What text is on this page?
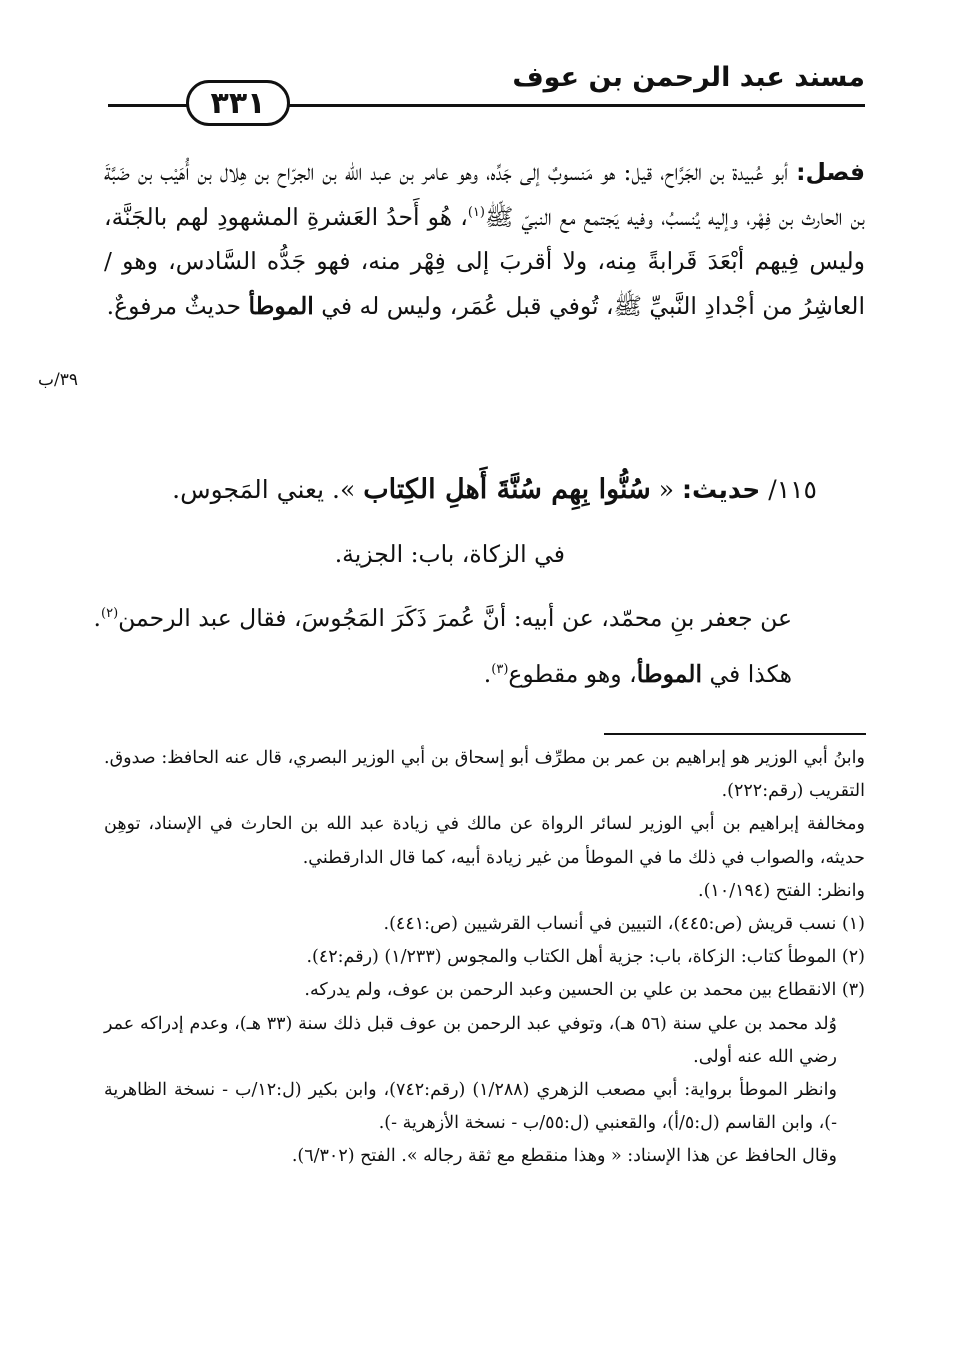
مسند عبد الرحمن بن عوف
٣٣١

فصل: أبو عُبيدة بن الجَرَّاح، قيل: هو مَنسوبٌ إلى جَدِّه، وهو عامر بن عبد الله بن الجرّاح بن هِلال بن أُهَيْب بن ضَبَّةَ بن الحارث بن فِهْر، وإليه يُنسبُ، وفيه يَجتمع مع النبيّ ﷺ$^{(١)}$، هُو أَحدُ العَشرةِ المشهودِ لهم بالجَنَّة، وليس فِيهم أبْعَدَ قَرابةً مِنه، ولا أقربَ إلى فِهْر منه، فهو جَدُّه السَّادس، وهو / العاشِرُ من أجْدادِ النَّبيِّ ﷺ، تُوفي قبل عُمَر، وليس له في الموطأ حديثٌ مرفوعٌ.

٣٩/ب
١١٥/ حديث: « سُنُّوا بِهِم سُنَّةَ أَهلِ الكِتاب ». يعني المَجوس.
في الزكاة، باب: الجزية.
عن جعفر بنِ محمّد، عن أبيه: أنَّ عُمرَ ذَكَرَ المَجُوسَ، فقال عبد الرحمن$^{(٢)}$.
هكذا في الموطأ، وهو مقطوع$^{(٣)}$.

وابنُ أبي الوزير هو إبراهيم بن عمر بن مطرِّف أبو إسحاق بن أبي الوزير البصري، قال عنه الحافظ: صدوق. التقريب (رقم:٢٢٢).

ومخالفة إبراهيم بن أبي الوزير لسائر الرواة عن مالك في زيادة عبد الله بن الحارث في الإسناد، توهِن حديثه، والصواب في ذلك ما في الموطأ من غير زيادة أبيه، كما قال الدارقطني.

وانظر: الفتح (١٠/١٩٤).

(١) نسب قريش (ص:٤٤٥)، التبيين في أنساب القرشيين (ص:٤٤١).

(٢) الموطأ كتاب: الزكاة، باب: جزية أهل الكتاب والمجوس (١/٢٣٣) (رقم:٤٢).

(٣) الانقطاع بين محمد بن علي بن الحسين وعبد الرحمن بن عوف، ولم يدركه.

وُلد محمد بن علي سنة (٥٦ هـ)، وتوفي عبد الرحمن بن عوف قبل ذلك سنة (٣٣ هـ)، وعدم إدراكه عمر رضي الله عنه أولى.

وانظر الموطأ برواية: أبي مصعب الزهري (١/٢٨٨) (رقم:٧٤٢)، وابن بكير (ل:١٢/ب - نسخة الظاهرية -)، وابن القاسم (ل:٥/أ)، والقعنبي (ل:٥٥/ب - نسخة الأزهرية -).

وقال الحافظ عن هذا الإسناد: « وهذا منقطع مع ثقة رجاله ». الفتح (٦/٣٠٢).
